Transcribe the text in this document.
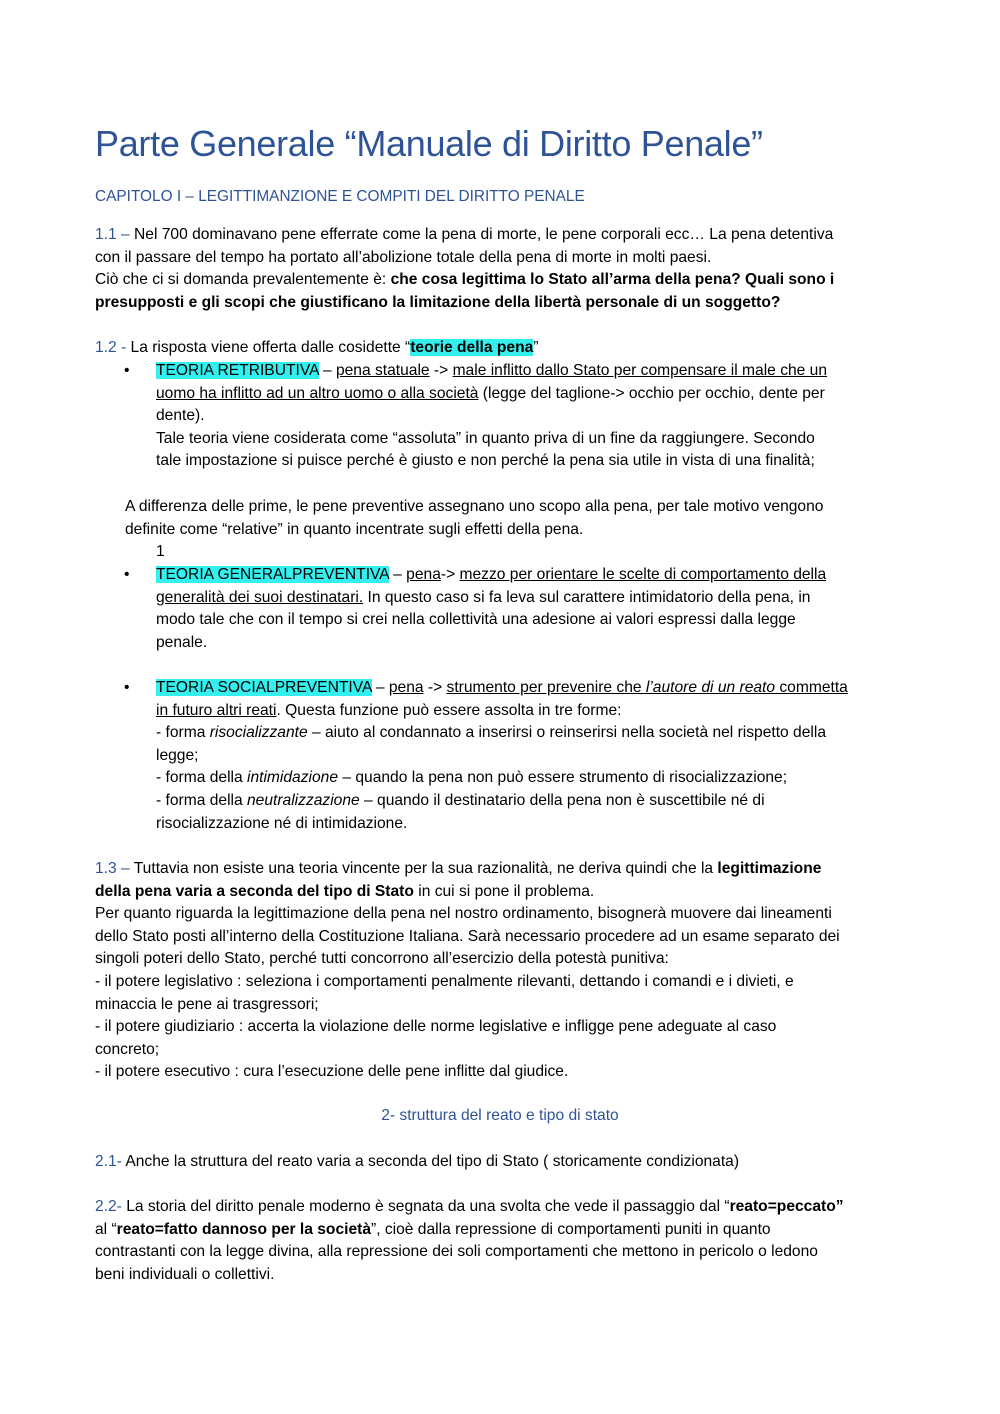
Parte Generale “Manuale di Diritto Penale”
CAPITOLO I – LEGITTIMANZIONE E COMPITI DEL DIRITTO PENALE
1.1 – Nel 700 dominavano pene efferrate come la pena di morte, le pene corporali ecc… La pena detentiva
con il passare del tempo ha portato all’abolizione totale della pena di morte in molti paesi.
Ciò che ci si domanda prevalentemente è: che cosa legittima lo Stato all’arma della pena? Quali sono i
presupposti e gli scopi che giustificano la limitazione della libertà personale di un soggetto?
1.2 - La risposta viene offerta dalle cosidette “teorie della pena”
•	TEORIA RETRIBUTIVA – pena statuale -> male inflitto dallo Stato per compensare il male che un
uomo ha inflitto ad un altro uomo o alla società (legge del taglione-> occhio per occhio, dente per
dente).
Tale teoria viene cosiderata come “assoluta” in quanto priva di un fine da raggiungere. Secondo
tale impostazione si puisce perché è giusto e non perché la pena sia utile in vista di una finalità;
A differenza delle prime, le pene preventive assegnano uno scopo alla pena, per tale motivo vengono
definite come “relative” in quanto incentrate sugli effetti della pena.
1
•	TEORIA GENERALPREVENTIVA – pena-> mezzo per orientare le scelte di comportamento della
generalità dei suoi destinatari. In questo caso si fa leva sul carattere intimidatorio della pena, in
modo tale che con il tempo si crei nella collettività una adesione ai valori espressi dalla legge
penale.
•	TEORIA SOCIALPREVENTIVA – pena -> strumento per prevenire che l’autore di un reato commetta
in futuro altri reati. Questa funzione può essere assolta in tre forme:
- forma risocializzante – aiuto al condannato a inserirsi o reinserirsi nella società nel rispetto della
legge;
- forma della intimidazione – quando la pena non può essere strumento di risocializzazione;
- forma della neutralizzazione – quando il destinatario della pena non è suscettibile né di
risocializzazione né di intimidazione.
1.3 – Tuttavia non esiste una teoria vincente per la sua razionalità, ne deriva quindi che la legittimazione
della pena varia a seconda del tipo di Stato in cui si pone il problema.
Per quanto riguarda la legittimazione della pena nel nostro ordinamento, bisognerà muovere dai lineamenti
dello Stato posti all’interno della Costituzione Italiana. Sarà necessario procedere ad un esame separato dei
singoli poteri dello Stato, perché tutti concorrono all’esercizio della potestà punitiva:
- il potere legislativo : seleziona i comportamenti penalmente rilevanti, dettando i comandi e i divieti, e
minaccia le pene ai trasgressori;
- il potere giudiziario : accerta la violazione delle norme legislative e infligge pene adeguate al caso
concreto;
- il potere esecutivo : cura l’esecuzione delle pene inflitte dal giudice.
2- struttura del reato e tipo di stato
2.1- Anche la struttura del reato varia a seconda del tipo di Stato ( storicamente condizionata)
2.2- La storia del diritto penale moderno è segnata da una svolta che vede il passaggio dal “reato=peccato”
al “reato=fatto dannoso per la società”, cioè dalla repressione di comportamenti puniti in quanto
contrastanti con la legge divina, alla repressione dei soli comportamenti che mettono in pericolo o ledono
beni individuali o collettivi.
